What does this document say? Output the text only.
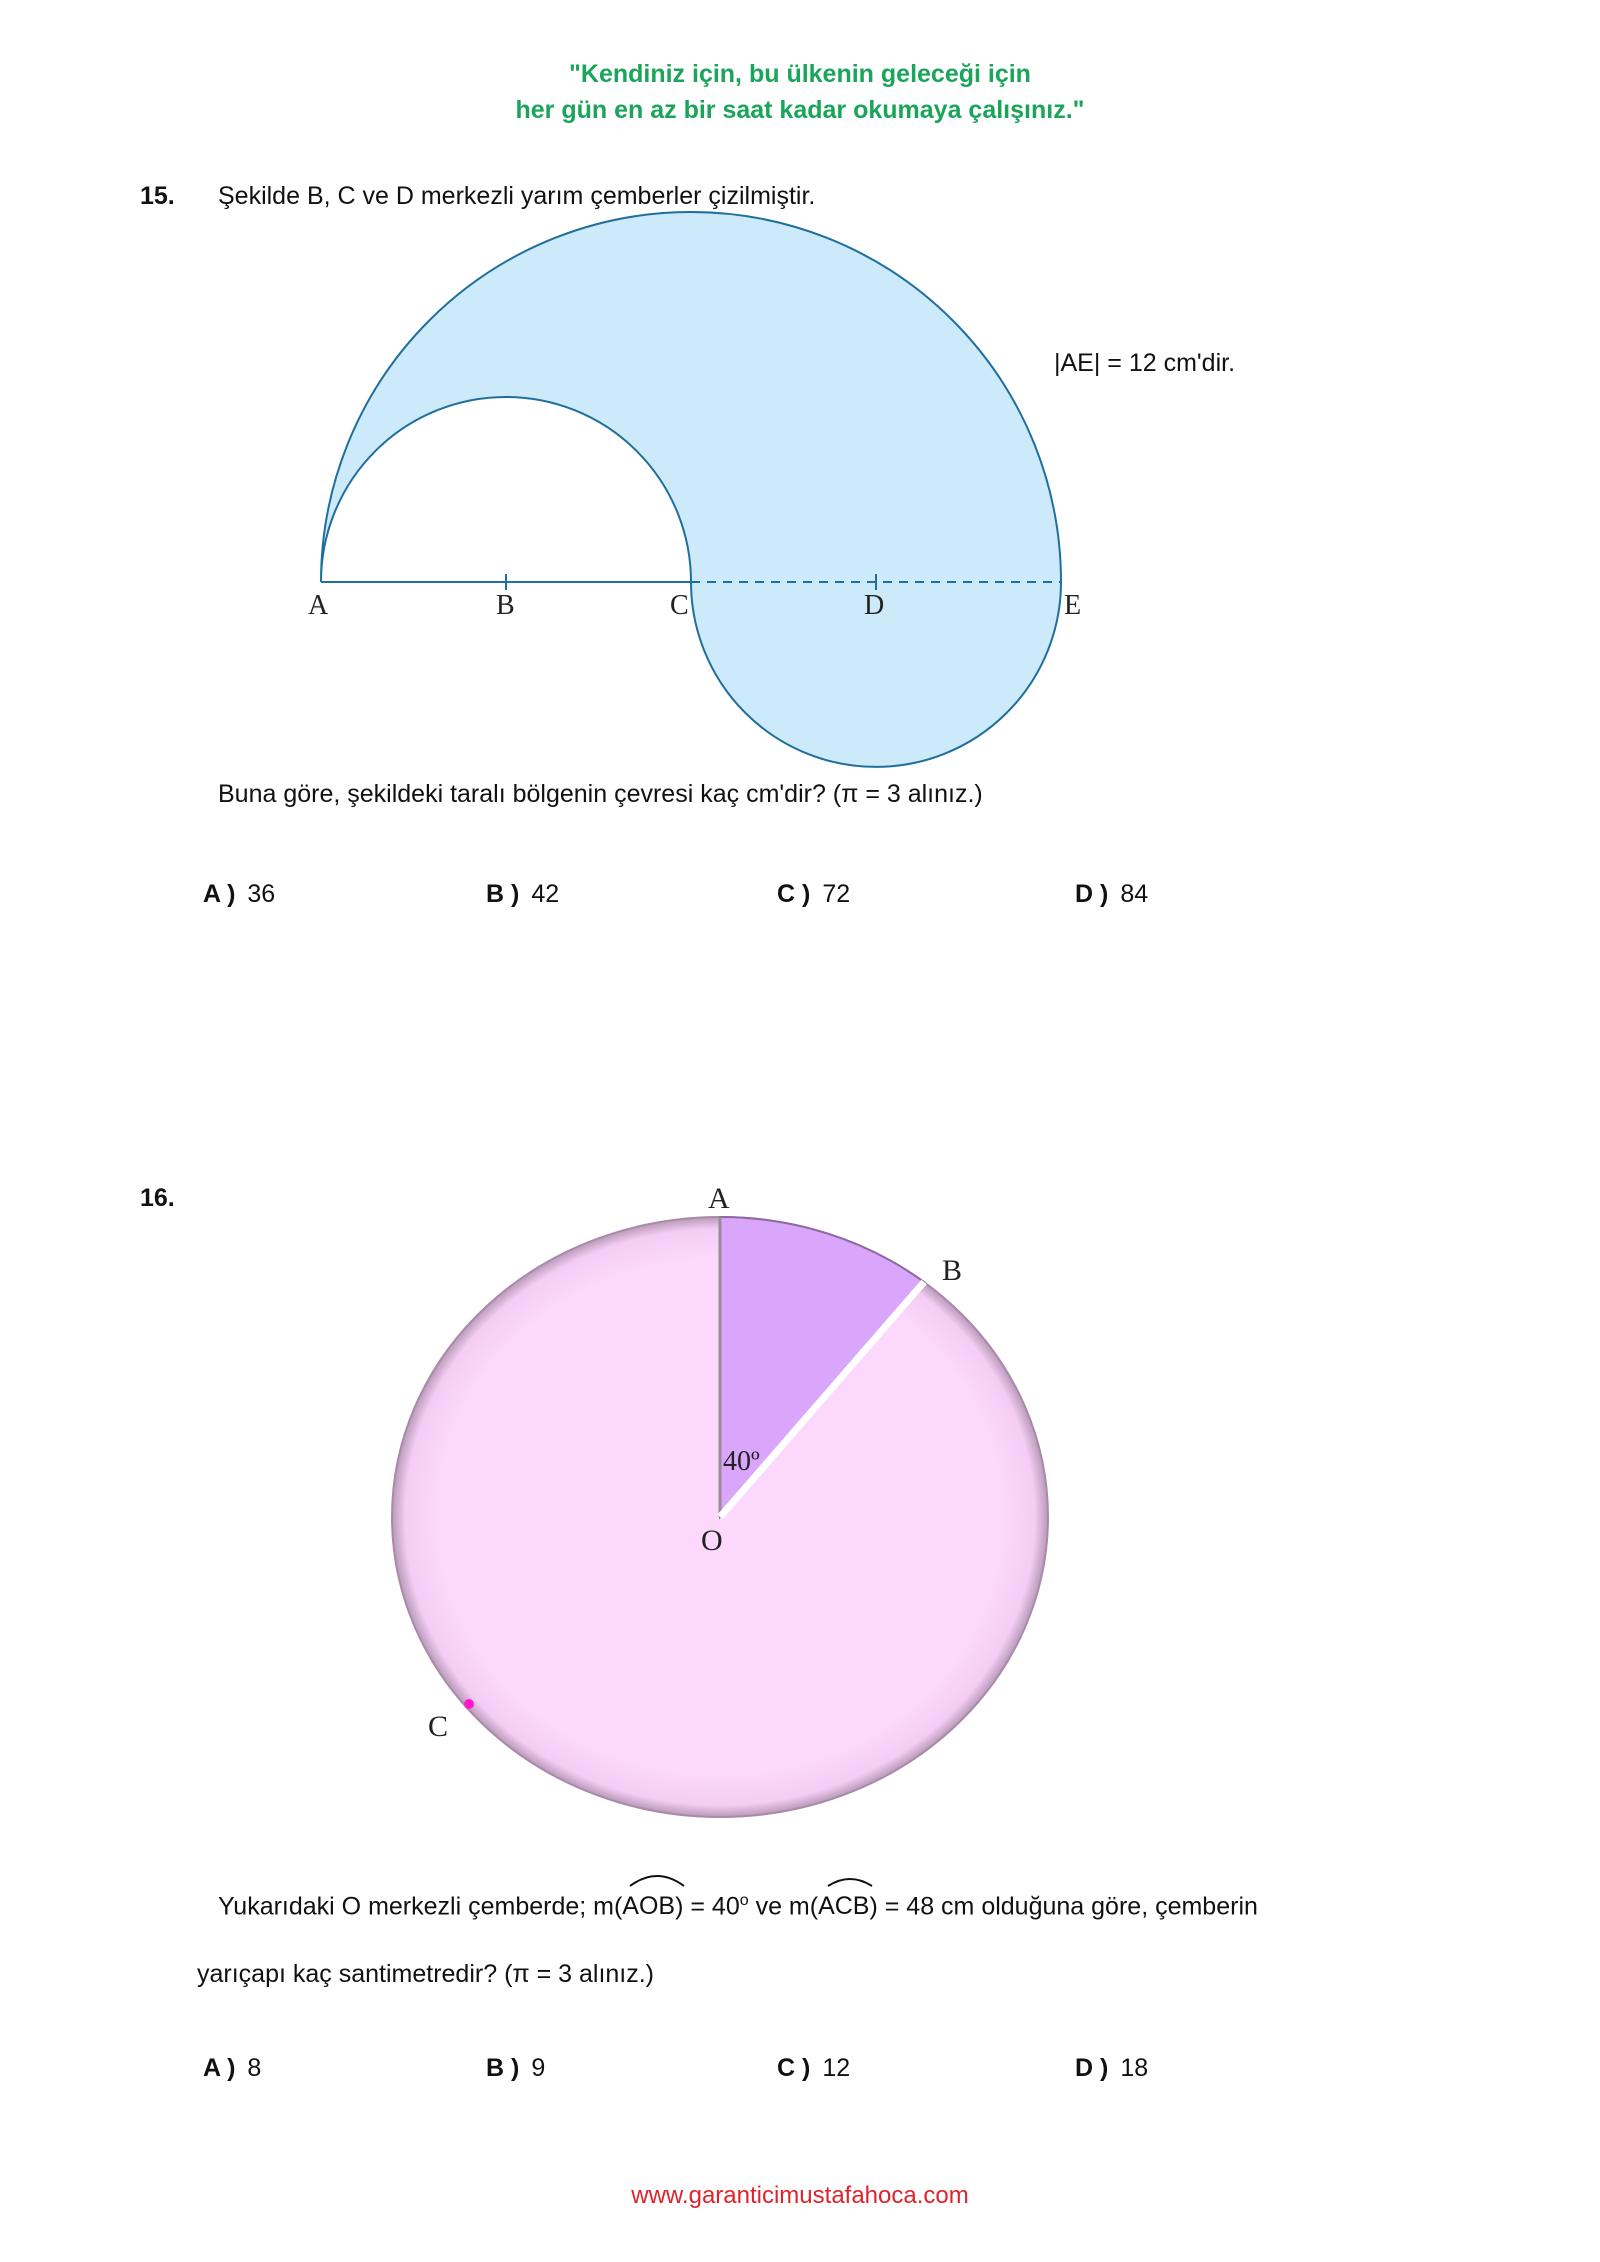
"Kendiniz için, bu ülkenin geleceği için
her gün en az bir saat kadar okumaya çalışınız."
15. Şekilde B, C ve D merkezli yarım çemberler çizilmiştir.
|AE| = 12 cm'dir.
A	B	C	D	E
Buna göre, şekildeki taralı bölgenin çevresi kaç cm'dir? (π = 3 alınız.)
A ) 36	B ) 42	C ) 72	D ) 84
16.	A
B
C
O
40º
Yukarıdaki O merkezli çemberde; m(
$AOB) = 40^o$ ve m(
ACB) = 48 cm olduğuna göre, çemberin
yarıçapı kaç santimetredir? (π = 3 alınız.)
A ) 8	B ) 9	C ) 12	D ) 18
www.garanticimustafahoca.com
